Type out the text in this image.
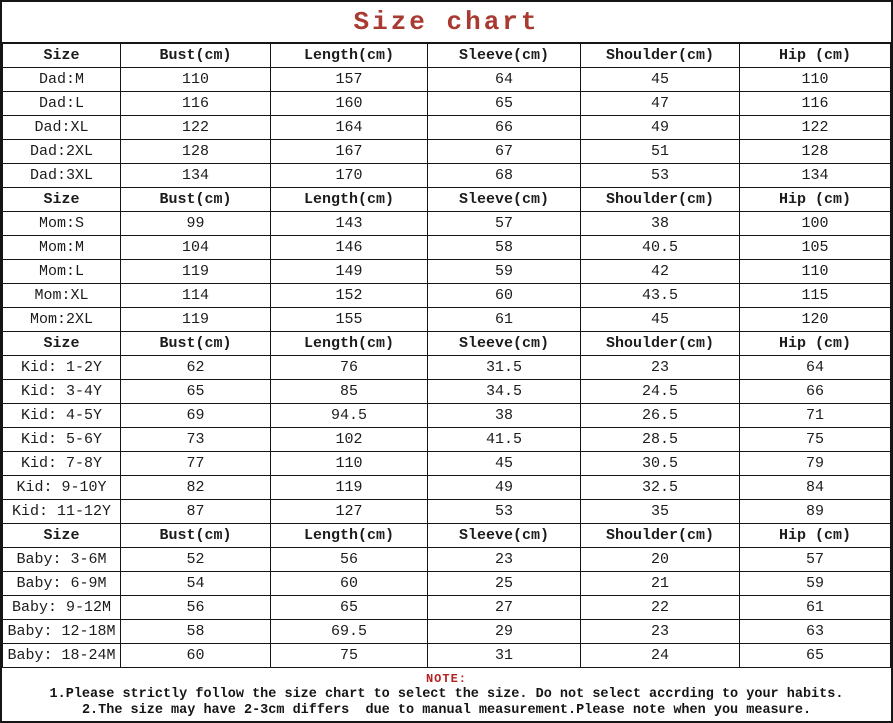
Size chart
Size	Bust(cm)	Length(cm)	Sleeve(cm)	Shoulder(cm)	Hip (cm)
Dad:M	110	157	64	45	110
Dad:L	116	160	65	47	116
Dad:XL	122	164	66	49	122
Dad:2XL	128	167	67	51	128
Dad:3XL	134	170	68	53	134
Size	Bust(cm)	Length(cm)	Sleeve(cm)	Shoulder(cm)	Hip (cm)
Mom:S	99	143	57	38	100
Mom:M	104	146	58	40.5	105
Mom:L	119	149	59	42	110
Mom:XL	114	152	60	43.5	115
Mom:2XL	119	155	61	45	120
Size	Bust(cm)	Length(cm)	Sleeve(cm)	Shoulder(cm)	Hip (cm)
Kid: 1-2Y	62	76	31.5	23	64
Kid: 3-4Y	65	85	34.5	24.5	66
Kid: 4-5Y	69	94.5	38	26.5	71
Kid: 5-6Y	73	102	41.5	28.5	75
Kid: 7-8Y	77	110	45	30.5	79
Kid: 9-10Y	82	119	49	32.5	84
Kid: 11-12Y	87	127	53	35	89
Size	Bust(cm)	Length(cm)	Sleeve(cm)	Shoulder(cm)	Hip (cm)
Baby: 3-6M	52	56	23	20	57
Baby: 6-9M	54	60	25	21	59
Baby: 9-12M	56	65	27	22	61
Baby: 12-18M	58	69.5	29	23	63
Baby: 18-24M	60	75	31	24	65
NOTE:
1.Please strictly follow the size chart to select the size. Do not select accrding to your habits.
2.The size may have 2-3cm differs  due to manual measurement.Please note when you measure.
